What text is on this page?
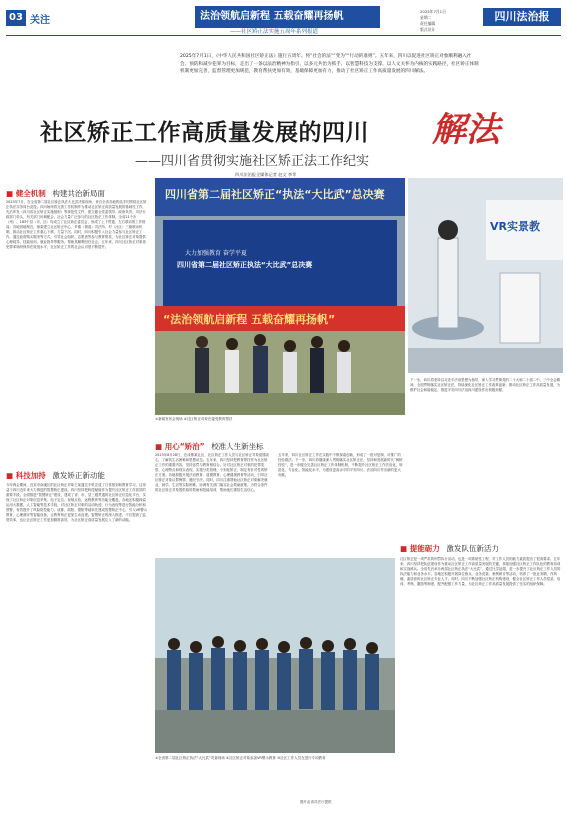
03 关注	法治领航启新程 五载奋耀再扬帆
——社区矫正法实施五周年系列报道
2025年7月1日
星期二
责任编辑
版式设计
四川法治报
2025年7月1日，《中华人民共和国社区矫正法》施行五周年。将“社会的法”“变为”“行动的准则”。五年来，四川以促进社区矫正对象顺利融入社会、预防和减少犯罪为目标，走出了一条以法治精神为指引、以多元共治为抓手、以智慧科技为支撑、以人文关怀为内核的实践路径，社区矫正体制机制更加完善，监督管理更加规范，教育帮扶更加有效，基础保障更加有力，推动了社区矫正工作高质量发展的四川解法。
社区矫正工作高质量发展的四川 解法
——四川省贯彻实施社区矫正法工作纪实
四川法治报全媒体记者 赵文 李苹
■ 健全机制 构建共治新局面
2023年7月，在全省第二届社区矫正执法大比武决赛现场，来自全省各地的选手们围绕社区矫正执法实务同台竞技。四川始终将完善工作机制作为推动社区矫正高质量发展的基础性工作，先后印发《四川省社区矫正实施细则》等规范性文件，建立健全党委领导、政府负责、司法行政部门牵头、有关部门协调配合、社会力量广泛参与的社区矫正工作体制。全省21个市（州）、183个县（市、区）均成立了社区矫正委员会，形成了上下贯通、左右联动的工作格局。各地因地制宜，探索建立社区矫正中心、乡镇（街道）司法所、村（社区）三级联动机制，推动社区矫正工作重心下移、力量下沉。同时，四川积极引入社会力量参与社区矫正工作，通过政府购买服务等方式，引导社会组织、志愿者等参与教育帮扶，为社区矫正对象提供心理疏导、技能培训、就业指导等服务，帮助其顺利回归社会。五年来，四川社区矫正对象再犯罪率始终保持在较低水平，社区矫正工作的社会认可度不断提升。
■ 科技加持 激发矫正新动能
今年两会期间，宜宾市南溪区的社区矫正对象王某通过手机完成了日常报到和教育学习，这得益于四川近年来大力推进的智慧矫正建设。四川坚持把科技赋能作为提升社区矫正工作质效的重要手段，全面推进“智慧矫正”建设，建成了省、市、县三级贯通的社区矫正信息化平台，实现了社区矫正对象信息采集、电子定位、视频点验、远程教育等功能全覆盖。各地还积极探索运用大数据、人工智能等技术手段，对社区矫正对象的活动轨迹、行为表现等进行智能分析和预警，有效提升了风险防控能力。成都、绵阳、德阳等地率先建成智慧矫正中心，引入VR警示教育、心理测评等智能设备，让教育矫正更加生动直观。智慧矫正的深入推进，不仅提高了监管效率，也让社区矫正工作更加精准高效，为社区矫正高质量发展注入了新的动能。
四川省第二届社区矫正“执法“大比武”总决赛
大力加强教育 奋学平夏
四川省第二届社区矫正执法“大比武”总决赛
“法治领航启新程 五载奋耀再扬帆”
①新闻发布会现场 ②社区矫正对象在接受教育帮扶
VR实景教
■ 用心“矫治” 校准人生新坐标
2023年8月28日，在成都某社区，社区矫正工作人员与社区矫正对象促膝谈心，了解其生活困难和思想动态。五年来，四川坚持把教育帮扶作为社区矫正工作的重要内容，坚持惩罚与教育相结合，针对社区矫正对象的犯罪类型、心理特点和现实表现，实施分类管理、个别化矫正，制定有针对性的矫正方案。各地积极开展法治教育、道德教育、心理健康教育等活动，引导社区矫正对象认罪悔罪、遵纪守法。同时，四川注重帮助社区矫正对象解决就业、就学、生活等实际困难，协调有关部门落实社会救助政策，为符合条件的社区矫正对象提供临时救助和技能培训，帮助他们重拾生活信心。
五年来，四川社区矫正工作在实践中不断探索创新，形成了一批可复制、可推广的经验做法。下一步，四川将继续深入贯彻落实社区矫正法，坚持和发展新时代“枫桥经验”，进一步健全完善社区矫正工作体制机制，不断提升社区矫正工作法治化、规范化、专业化、智能化水平，为建设更高水平的平安四川、法治四川作出新的更大贡献。
下一步，四川将坚持以习近平法治思想为指导，深入学习贯彻党的二十大和二十届二中、三中全会精神，全面贯彻落实社区矫正法，持续深化社区矫正工作改革创新，推动社区矫正工作高质量发展，为维护社会和谐稳定、推进平安四川法治四川建设作出积极贡献。
■ 提能砺力 激发队伍新活力
社区矫正是一项严肃的刑罚执行活动，也是一项系统性工程，对工作人员的能力素质提出了很高要求。五年来，四川坚持把队伍建设作为推动社区矫正工作高质量发展的关键，持续加强社区矫正工作队伍的教育培训和实战练兵。全省先后举办两届社区矫正执法“大比武”，通过比学赶超，进一步提升了社区矫正工作人员的执法能力和业务水平。各地还积极开展岗位练兵、业务竞赛、案例研讨等活动，培养了一批业务精、作风硬、素质高的社区矫正专业人才。同时，四川不断加强社区矫正机构建设，健全社区矫正工作人员招录、培训、考核、激励等制度，配齐配强工作力量，为社区矫正工作高质量发展提供了坚实的组织保障。
①全省第二届社区矫正执法“大比武”决赛现场 ②社区矫正对象参加VR警示教育 ③社区工作人员在进行专项教育
图片由省司法厅提供
